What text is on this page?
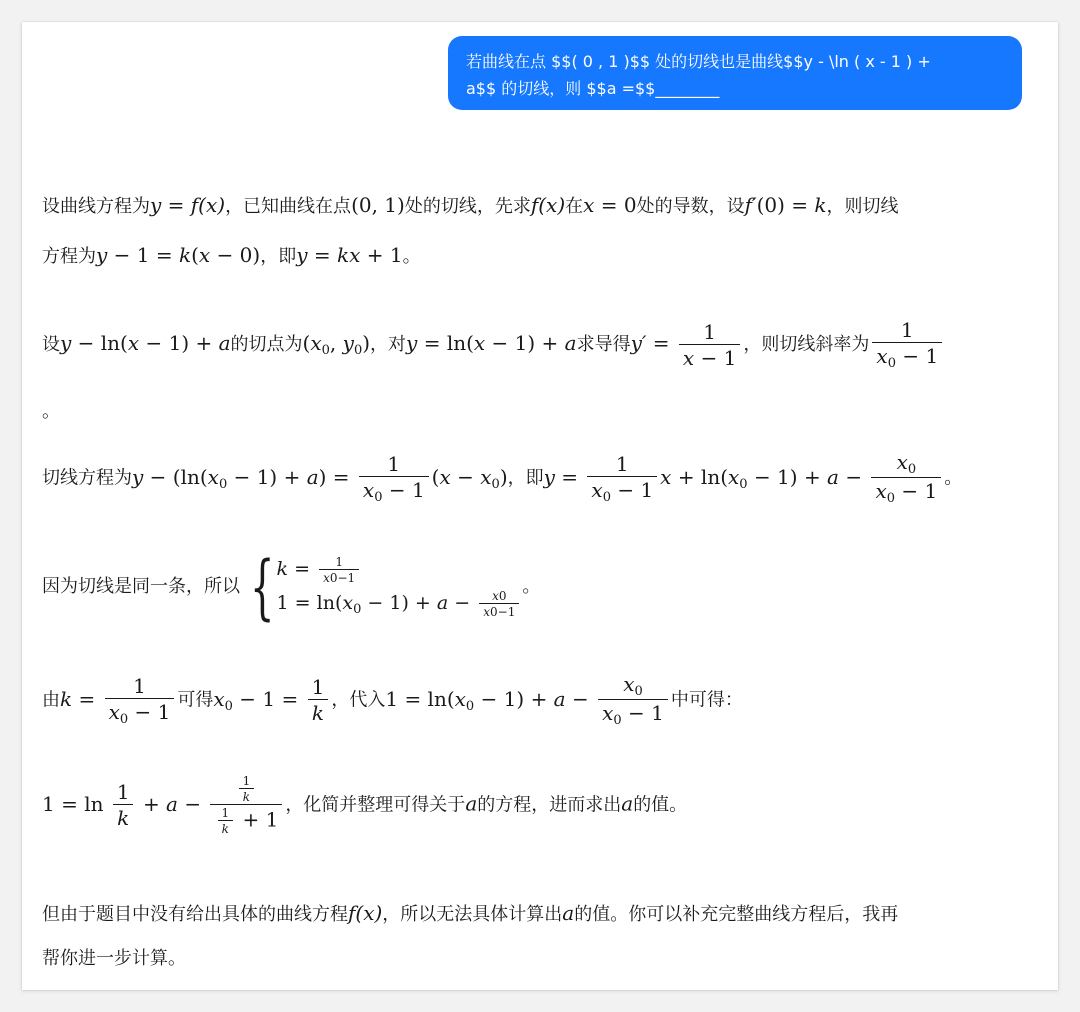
若曲线在点 $$( 0 , 1 )$$ 处的切线也是曲线$$y - \ln ( x - 1 ) +
a$$ 的切线，则 $$a =$$________
设曲线方程为y = f(x)，已知曲线在点(0, 1)处的切线，先求f(x)在x = 0处的导数，设f′(0) = k，则切线
方程为y − 1 = k(x − 0)，即y = kx + 1。
设y − ln(x − 1) + a的切点为($x_0$, $y_0$)，对y = ln(x − 1) + a求导得$y' = \frac{1}{x - 1}$ ，则切线斜率为 $\frac{1}{x_0 - 1}$
。
切线方程为$y - (\ln(x_0 - 1) + a) = \frac{1}{x_0 - 1} (x - x_0)$，即$y = \frac{1}{x_0 - 1}$ $x + \ln(x_0 - 1) + a - \frac{x_0}{x_0 - 1}$ 。
因为切线是同一条，所以 { $k = \frac{1}{x0-1}$
$1 = \ln(x_0 - 1) + a - \frac{x0}{x0-1}$
。
由$k = \frac{1}{x_0 - 1}$ 可得$x_0 - 1 = \frac{1}{k}$ ，代入$1 = \ln(x_0 - 1) + a - \frac{x_0}{x_0 - 1}$ 中可得：
$1 = \ln \frac{1}{k} + a - \frac{\frac{1}{k}}{\frac{1}{k} + 1}$ ，化简并整理可得关于a的方程，进而求出a的值。
但由于题目中没有给出具体的曲线方程f(x)，所以无法具体计算出a的值。你可以补充完整曲线方程后，我再
帮你进一步计算。
